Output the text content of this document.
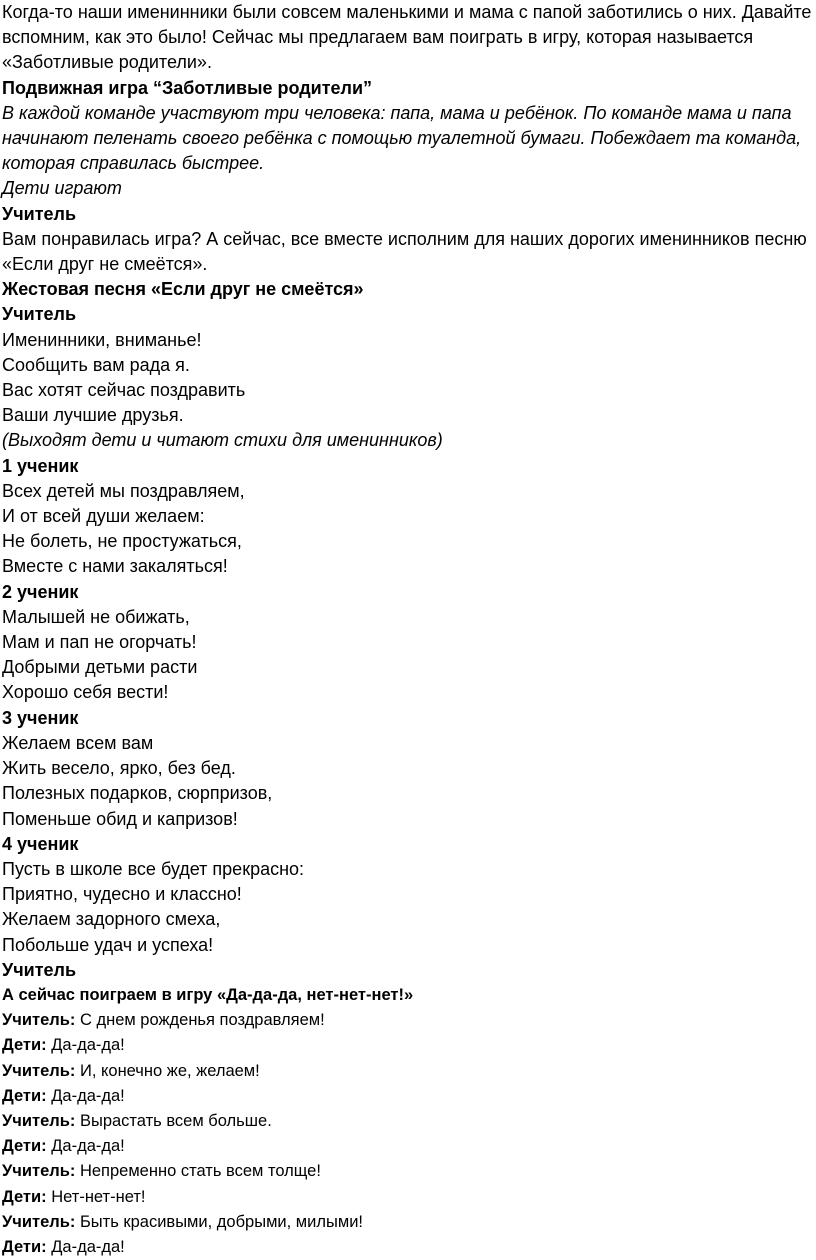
Когда-то наши именинники были совсем маленькими и мама с папой заботились о них. Давайте вспомним, как это было! Сейчас мы предлагаем вам поиграть в игру, которая называется «Заботливые родители».

Подвижная игра “Заботливые родители”

В каждой команде участвуют три человека: папа, мама и ребёнок. По команде мама и папа начинают пеленать своего ребёнка с помощью туалетной бумаги. Побеждает та команда, которая справилась быстрее.

Дети играют

Учитель

Вам понравилась игра? А сейчас, все вместе исполним для наших дорогих именинников песню «Если друг не смеётся».

Жестовая песня «Если друг не смеётся»

Учитель

Именинники, вниманье!

Сообщить вам рада я.

Вас хотят сейчас поздравить

Ваши лучшие друзья.

(Выходят дети и читают стихи для именинников)

1 ученик

Всех детей мы поздравляем,

И от всей души желаем:

Не болеть, не простужаться,

Вместе с нами закаляться!

2 ученик

Малышей не обижать,

Мам и пап не огорчать!

Добрыми детьми расти

Хорошо себя вести!

3 ученик

Желаем всем вам

Жить весело, ярко, без бед.

Полезных подарков, сюрпризов,

Поменьше обид и капризов!

4 ученик

Пусть в школе все будет прекрасно:

Приятно, чудесно и классно!

Желаем задорного смеха,

Побольше удач и успеха!

Учитель

А сейчас поиграем в игру «Да-да-да, нет-нет-нет!»

Учитель: С днем рожденья поздравляем!

Дети: Да-да-да!

Учитель: И, конечно же, желаем!

Дети: Да-да-да!

Учитель: Вырастать всем больше.

Дети: Да-да-да!

Учитель: Непременно стать всем толще!

Дети: Нет-нет-нет!

Учитель: Быть красивыми, добрыми, милыми!

Дети: Да-да-да!
